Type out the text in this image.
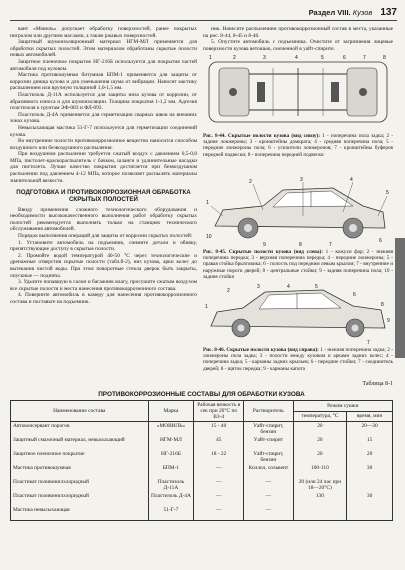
Раздел VIII. Кузов 137

вант «Мовиль» допускает обработку поверхностей, ранее покрытых нигролом или другими маслами, а также ржавых поверхностей.

Защитный шумоизоляционный материал НГМ-МЛ применяется для обработки скрытых полостей. Этим материалом обработаны скрытые полости новых автомобилей.

Защитное пленочное покрытие НГ-216Б используется для покрытия частей автомобиля под кузовом.

Мастика противошумная битумная БПМ-1 применяется для защиты от коррозии днища кузова и для уменьшения шума от вибрации. Наносят мастику распылением или вручную толщиной 1,0-1,5 мм.

Пластизоль Д-11А используется для защиты низа кузова от коррозии, от абразивного износа и для шумоизоляции. Толщина покрытия 1-1,2 мм. Адгезия пластизоля к грунтам ЭФ-083 и ФЛ-093.

Пластизоль Д-4А применяется для герметизации сварных швов на внешних зонах кузова.

Невысыхающая мастика 51-Г-7 используется для герметизации соединений кузова.

Во внутренние полости противокоррозионное вещество наносится способом воздушного или безвоздушного распыления.

При воздушном распылении требуется сжатый воздух с давлением 0,5-0,8 МПа, пистолет-краскораспылитель с бачком, шланги и удлинительные насадки для пистолета. Лучше качество покрытия достигается при безвоздушном распылении под давлением 4-12 МПа, которое позволяет распылять материалы значительной вязкости.

ПОДГОТОВКА И ПРОТИВОКОРРОЗИОННАЯ ОБРАБОТКА СКРЫТЫХ ПОЛОСТЕЙ

Ввиду применения сложного технологического оборудования и необходимости высококачественного выполнения работ обработку скрытых полостей рекомендуется выполнять только на станциях технического обслуживания автомобилей.

Порядок выполнения операций для защиты от коррозии скрытых полостей:

1. Установите автомобиль на подъемник, снимите детали и обивку, препятствующие доступу в скрытые полости.

2. Промойте водой температурой 40-50 °С через технологические и дренажные отверстия скрытые полости (табл.8-2), низ кузова, арки колес до вытекания чистой воды. При этом поворотные стекла дверок быть закрыты, опускные — подняты.

3. Удалите попавшую в салон и багажник влагу, просушите сжатым воздухом все скрытые полости и места нанесения противокоррозионного состава.

4. Поверните автомобиль в камеру для нанесения противокоррозионного состава и поставьте на подъемник.

ник. Нанесите распылением противокоррозионный состав в места, указанные на рис. 8-44, 8-45 и 8-46.

5. Опустите автомобиль с подъемника. Очистите от загрязнения лицевые поверхности кузова ветошью, смоченной в уайт-спирите.

1	2	3	4	5	6	7	8
Рис. 8-44. Скрытые полости кузова (вид снизу): 1 - поперечина пола задка; 2 - задние лонжероны; 3 - кронштейны домкрата; 4 - средняя поперечина пола; 5 - передние лонжероны пола; 6 - усилители лонжеронов; 7 - кронштейны буферов передней подвески; 8 - поперечина передней подвески
1
2	3	4
5
10
9	8	7
6
Рис. 8-45. Скрытые полости кузова (вид слева): 1 - кожухи фар; 2 - нижняя поперечина передка; 3 - верхняя поперечина передка; 4 - передние лонжероны; 5 - правая стойка брызговика; 6 - полость под передним левым крылом; 7 - внутренние и наружные пороги дверей; 8 - центральные стойки; 9 - задняя поперечина пола; 10 - задние стойки
1
2
3	4	5
6
7
8
9
Рис. 8-46. Скрытые полости кузова (вид справа): 1 - нижняя поперечина задка; 2 - лонжероны пола задка; 3 - полости между кузовом и арками задних колес; 4 - поперечина задка; 5 - карманы задних крыльев; 6 - передние стойки; 7 - соединитель дверей; 8 - щиток передка; 9 - карманы капота
Таблица 8-1
ПРОТИВОКОРРОЗИОННЫЕ СОСТАВЫ ДЛЯ ОБРАБОТКИ КУЗОВА
Наименование состава	Марка	Рабочая вязкость в сек при 20°С по ВЗ-4	Растворитель	Режим сушки	
				температура, °С	время, мин
Автоконсервант порогов	«МОВИЛЬ»	15 - 40	Уайт-спирит, бензин	20	20—30
Защитный смазочный материал, невысыхающий	НГМ-МЛ	45	Уайт-спирит	20	15
Защитное пленочное покрытие	НГ-216Б	18 - 22	Уайт-спирит, бензин	20	20
Мастика противошумная	БПМ-1	—	Ксилол, сольвент	100-110	30
Пластикат поливинилхлоридный	Пластизоль Д-11А	—	—	20 (или 24 час при 18—20°С)	
Пластикат поливинилхлоридный	Пластизоль Д-4А	—	—	130	30
Мастика невысыхающая	51-Г-7	—	—		
